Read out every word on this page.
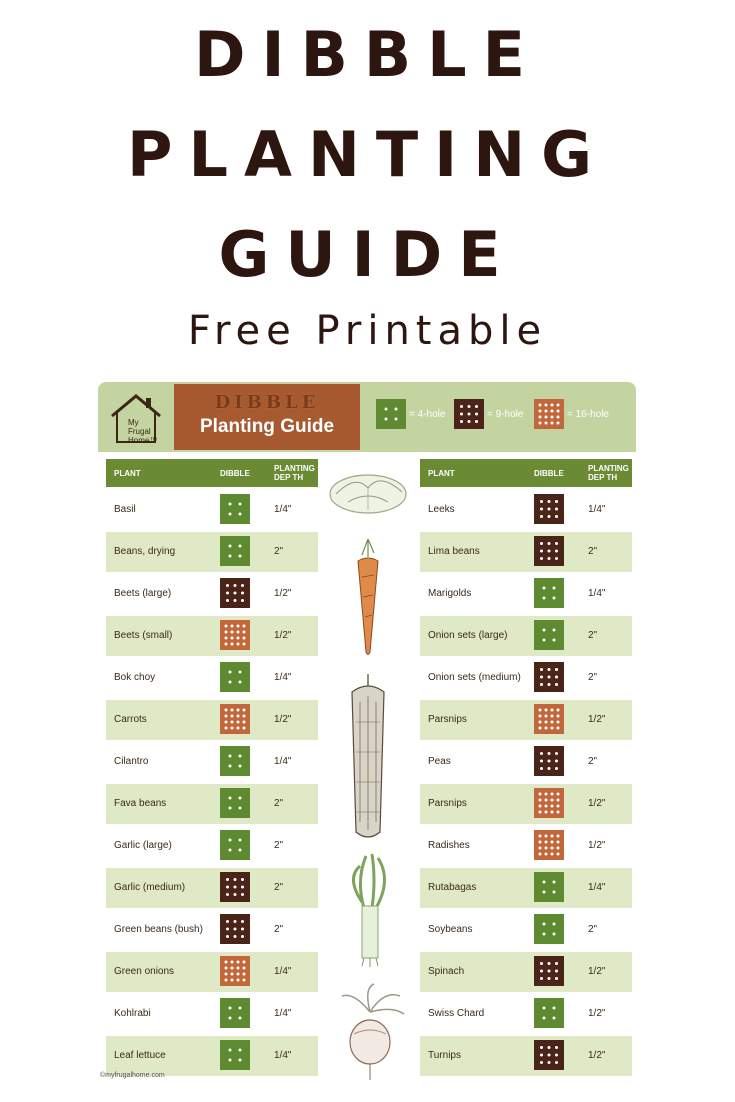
DIBBLE
PLANTING
GUIDE
Free Printable
My
Frugal
Home™
DIBBLE
Planting Guide
= 4-hole	= 9-hole	= 16-hole
PLANT	DIBBLE
PLANTING
DEP TH	PLANT	DIBBLE
PLANTING
DEP TH
Basil	1/4"
Beans, drying	2"
Beets (large)	1/2"
Beets (small)	1/2"
Bok choy	1/4"
Carrots	1/2"
Cilantro	1/4"
Fava beans	2"
Garlic (large)	2"
Garlic (medium)	2"
Green beans (bush)	2"
Green onions	1/4"
Kohlrabi	1/4"
Leaf lettuce	1/4"
Leeks	1/4"
Lima beans	2"
Marigolds	1/4"
Onion sets (large)	2"
Onion sets (medium)	2"
Parsnips	1/2"
Peas	2"
Parsnips	1/2"
Radishes	1/2"
Rutabagas	1/4"
Soybeans	2"
Spinach	1/2"
Swiss Chard	1/2"
Turnips	1/2"
©myfrugalhome.com
